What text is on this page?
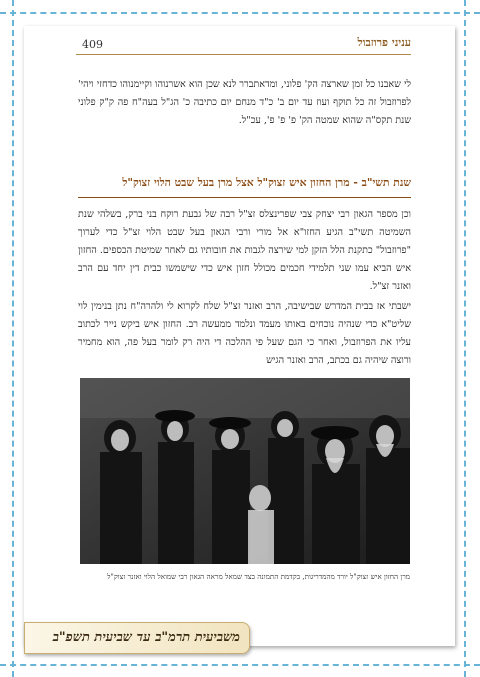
409	עניני פרוזבול

לי שאבנו כל זמן שארצה הק' פלוני, ומדאתברר לנא שכן הוא אשרנוהו וקיימנוהו כדחזי ויהי' לפרוזבול זה כל תוקף ועוז עד יום ב' כ"ד מנחם יום כתיבה כ' הג"ל בעה"ח פה ק"ק פלוני שנת תקס"ה שהוא שמטה הק' פ' פ' פ', עכ"ל.

שנת תשי"ב - מרן החזון איש זצוק"ל אצל מרן בעל שבט הלוי זצוק"ל

וכן מספר הגאון רבי יצחק צבי שפרינצלס זצ"ל רבה של גבעת רוקח בני ברק, בשלהי שנת השמיטה תשי"ב הגיע החזו"א אל מורי ורבי הגאון בעל שבט הלוי זצ"ל כדי לערוך "פרוזבול" כתקנת הלל הזקן למי שירצה לגבות את חובותיו גם לאחר שמיטת הכספים. החזון איש הביא עמו שני תלמידי חכמים מכולל חזון איש כדי שישמשו כבית דין יחד עם הרב ואזנר זצ"ל.

ישבתי אז בבית המדרש שבישיבה, הרב ואזנר זצ"ל שלח לקרוא לי ולהרה"ח נתן בנימין לוי שליט"א כדי שנהיה נוכחים באותו מעמד ונלמד ממעשה רב. החזון איש ביקש נייר לכתוב עליו את הפרוזבול, ואחר כי הגם שעל פי ההלכה די היה רק לומר בעל פה, הוא מחמיר ורוצה שיהיה גם בכתב, הרב ואזנר הגיש

מרן החזון איש זצוק"ל יורד מהמדריגות, בקדמת התמונה בצד שמאל מראה הגאון רבי שמואל הלוי ואזנר זצוק"ל

משביעית תרמ"ב עד שביעית תשפ"ב
